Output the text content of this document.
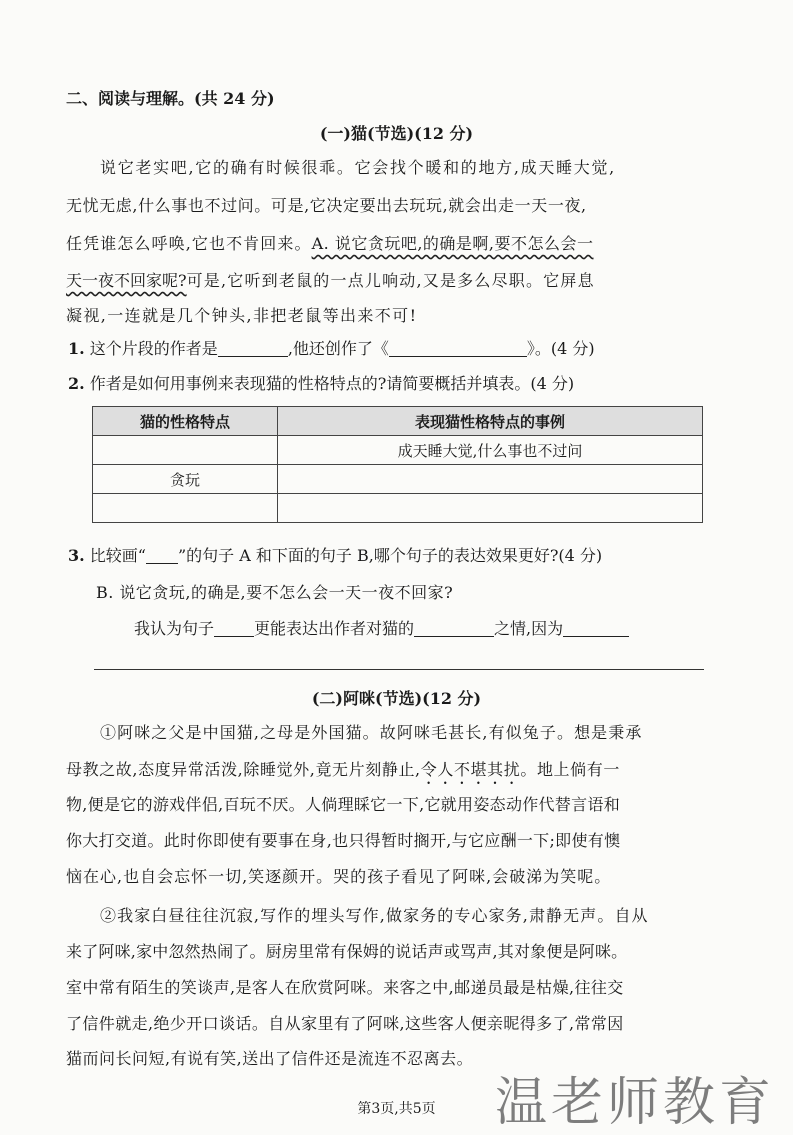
二、阅读与理解。(共 24 分)
(一)猫(节选)(12 分)
说它老实吧,它的确有时候很乖。它会找个暖和的地方,成天睡大觉,
无忧无虑,什么事也不过问。可是,它决定要出去玩玩,就会出走一天一夜,
任凭谁怎么呼唤,它也不肯回来。A. 说它贪玩吧,的确是啊,要不怎么会一
天一夜不回家呢?可是,它听到老鼠的一点儿响动,又是多么尽职。它屏息
凝视,一连就是几个钟头,非把老鼠等出来不可!
1. 这个片段的作者是	,他还创作了《	》。(4 分)
2. 作者是如何用事例来表现猫的性格特点的?请简要概括并填表。(4 分)
猫的性格特点	表现猫性格特点的事例
	成天睡大觉,什么事也不过问
贪玩	

3. 比较画“ ”的句子 A 和下面的句子 B,哪个句子的表达效果更好?(4 分)
B. 说它贪玩,的确是,要不怎么会一天一夜不回家?
我认为句子	更能表达出作者对猫的	之情,因为
(二)阿咪(节选)(12 分)
①阿咪之父是中国猫,之母是外国猫。故阿咪毛甚长,有似兔子。想是秉承
母教之故,态度异常活泼,除睡觉外,竟无片刻静止,令人不堪其扰。地上倘有一
物,便是它的游戏伴侣,百玩不厌。人倘理睬它一下,它就用姿态动作代替言语和
你大打交道。此时你即使有要事在身,也只得暂时搁开,与它应酬一下;即使有懊
恼在心,也自会忘怀一切,笑逐颜开。哭的孩子看见了阿咪,会破涕为笑呢。
②我家白昼往往沉寂,写作的埋头写作,做家务的专心家务,肃静无声。自从
来了阿咪,家中忽然热闹了。厨房里常有保姆的说话声或骂声,其对象便是阿咪。
室中常有陌生的笑谈声,是客人在欣赏阿咪。来客之中,邮递员最是枯燥,往往交
了信件就走,绝少开口谈话。自从家里有了阿咪,这些客人便亲昵得多了,常常因
猫而问长问短,有说有笑,送出了信件还是流连不忍离去。
温老师教育
第3页,共5页
